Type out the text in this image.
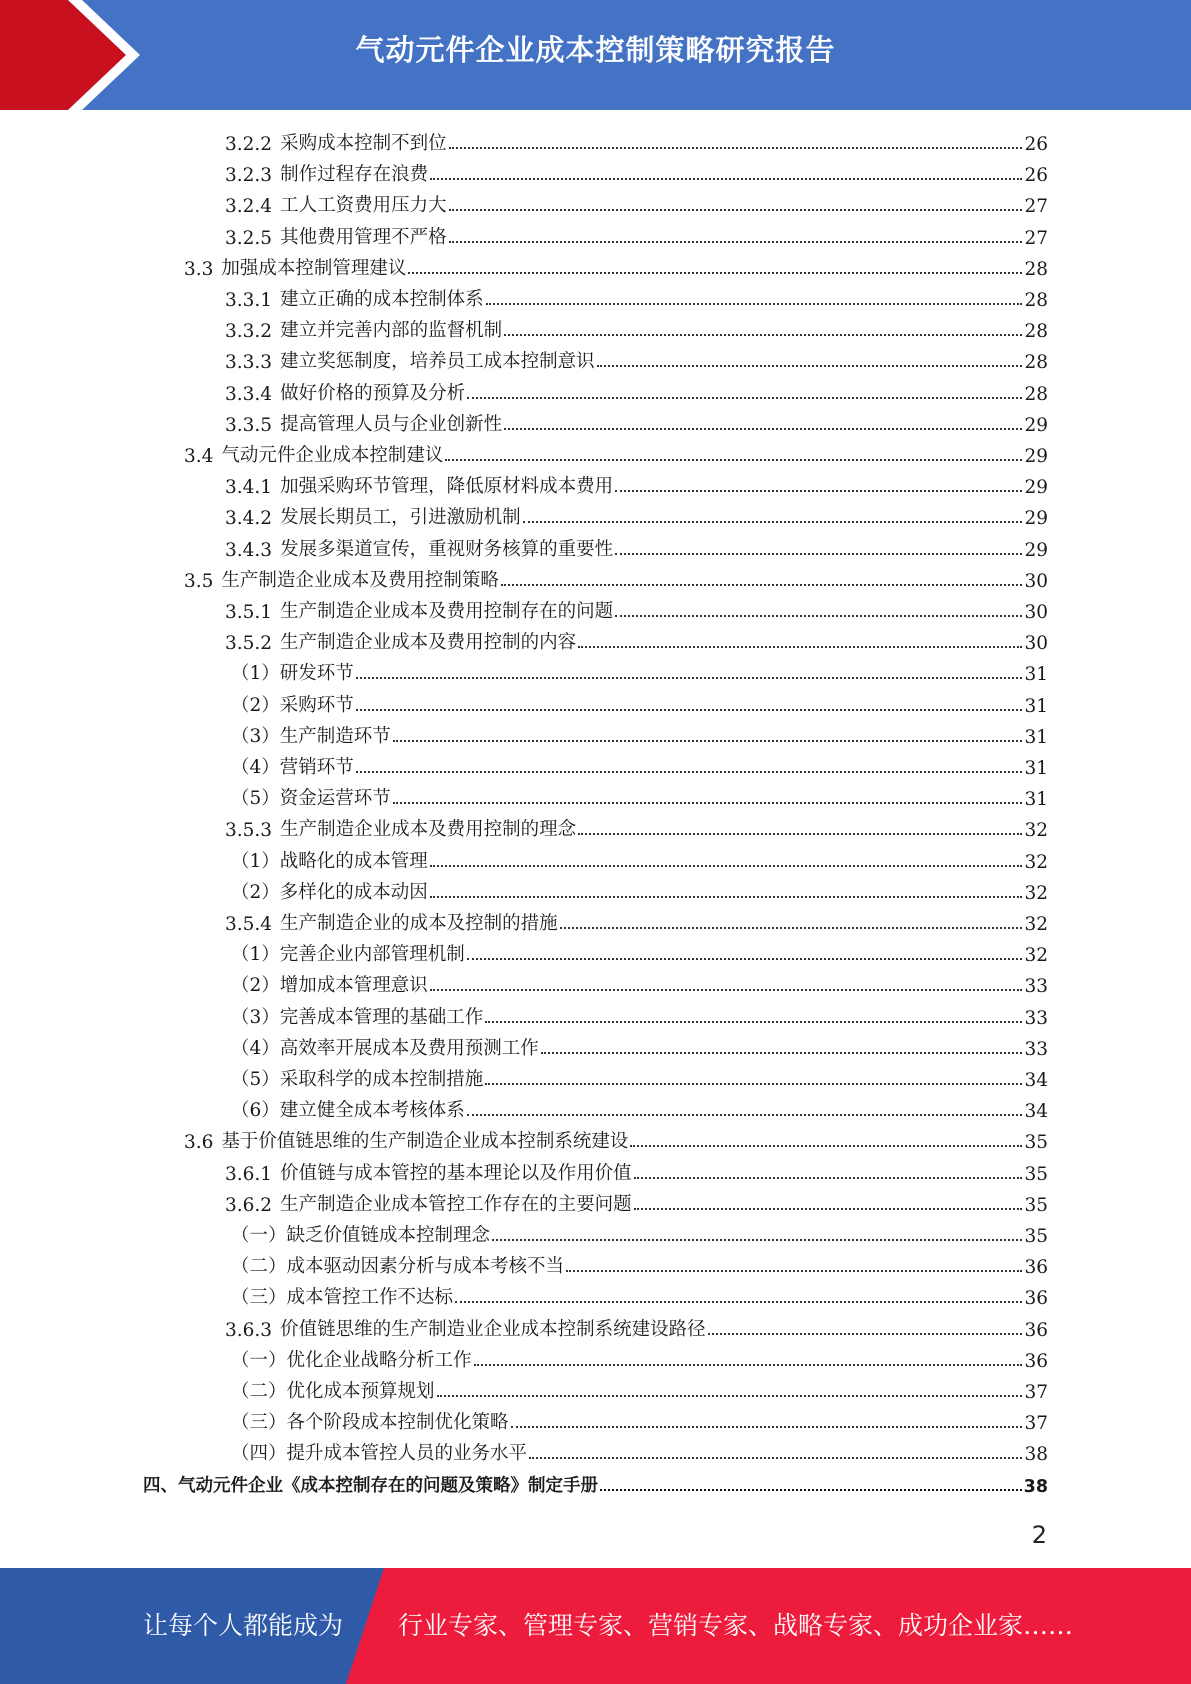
气动元件企业成本控制策略研究报告
3.2.2 采购成本控制不到位	26
3.2.3 制作过程存在浪费	26
3.2.4 工人工资费用压力大	27
3.2.5 其他费用管理不严格	27
3.3 加强成本控制管理建议	28
3.3.1 建立正确的成本控制体系	28
3.3.2 建立并完善内部的监督机制	28
3.3.3 建立奖惩制度，培养员工成本控制意识	28
3.3.4 做好价格的预算及分析	28
3.3.5 提高管理人员与企业创新性	29
3.4 气动元件企业成本控制建议	29
3.4.1 加强采购环节管理，降低原材料成本费用	29
3.4.2 发展长期员工，引进激励机制	29
3.4.3 发展多渠道宣传，重视财务核算的重要性	29
3.5 生产制造企业成本及费用控制策略	30
3.5.1 生产制造企业成本及费用控制存在的问题	30
3.5.2 生产制造企业成本及费用控制的内容	30
（1）研发环节	31
（2）采购环节	31
（3）生产制造环节	31
（4）营销环节	31
（5）资金运营环节	31
3.5.3 生产制造企业成本及费用控制的理念	32
（1）战略化的成本管理	32
（2）多样化的成本动因	32
3.5.4 生产制造企业的成本及控制的措施	32
（1）完善企业内部管理机制	32
（2）增加成本管理意识	33
（3）完善成本管理的基础工作	33
（4）高效率开展成本及费用预测工作	33
（5）采取科学的成本控制措施	34
（6）建立健全成本考核体系	34
3.6 基于价值链思维的生产制造企业成本控制系统建设	35
3.6.1 价值链与成本管控的基本理论以及作用价值	35
3.6.2 生产制造企业成本管控工作存在的主要问题	35
（一）缺乏价值链成本控制理念	35
（二）成本驱动因素分析与成本考核不当	36
（三）成本管控工作不达标	36
3.6.3 价值链思维的生产制造业企业成本控制系统建设路径	36
（一）优化企业战略分析工作	36
（二）优化成本预算规划	37
（三）各个阶段成本控制优化策略	37
（四）提升成本管控人员的业务水平	38
四、气动元件企业《成本控制存在的问题及策略》制定手册	38
2
让每个人都能成为 行业专家、管理专家、营销专家、战略专家、成功企业家……
